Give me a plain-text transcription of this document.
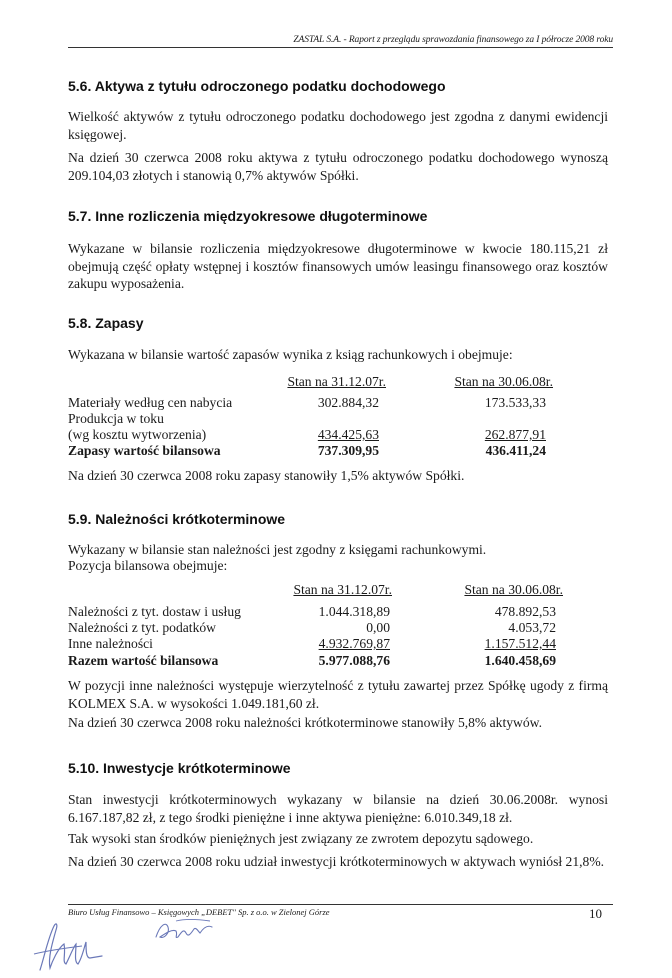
ZASTAL S.A. - Raport z przeglądu sprawozdania finansowego za I półrocze 2008 roku
5.6. Aktywa z tytułu odroczonego podatku dochodowego
Wielkość aktywów z tytułu odroczonego podatku dochodowego jest zgodna z danymi ewidencji księgowej.
Na dzień 30 czerwca 2008 roku aktywa z tytułu odroczonego podatku dochodowego wynoszą 209.104,03 złotych i stanowią 0,7% aktywów Spółki.
5.7. Inne rozliczenia międzyokresowe długoterminowe
Wykazane w bilansie rozliczenia międzyokresowe długoterminowe w kwocie 180.115,21 zł obejmują część opłaty wstępnej i kosztów finansowych umów leasingu finansowego oraz kosztów zakupu wyposażenia.
5.8. Zapasy
Wykazana w bilansie wartość zapasów wynika z ksiąg rachunkowych i obejmuje:
Stan na 31.12.07r.	Stan na 30.06.08r.
Materiały według cen nabycia	302.884,32	173.533,33
Produkcja w toku
(wg kosztu wytworzenia)	434.425,63	262.877,91
Zapasy wartość bilansowa	737.309,95	436.411,24
Na dzień 30 czerwca 2008 roku zapasy stanowiły 1,5% aktywów Spółki.
5.9. Należności krótkoterminowe
Wykazany w bilansie stan należności jest zgodny z księgami rachunkowymi.
Pozycja bilansowa obejmuje:
Stan na 31.12.07r.	Stan na 30.06.08r.
Należności z tyt. dostaw i usług	1.044.318,89	478.892,53
Należności z tyt. podatków	0,00	4.053,72
Inne należności	4.932.769,87	1.157.512,44
Razem wartość bilansowa	5.977.088,76	1.640.458,69
W pozycji inne należności występuje wierzytelność z tytułu zawartej przez Spółkę ugody z firmą KOLMEX S.A. w wysokości 1.049.181,60 zł.
Na dzień 30 czerwca 2008 roku należności krótkoterminowe stanowiły 5,8% aktywów.
5.10. Inwestycje krótkoterminowe
Stan inwestycji krótkoterminowych wykazany w bilansie na dzień 30.06.2008r. wynosi 6.167.187,82 zł, z tego środki pieniężne i inne aktywa pieniężne: 6.010.349,18 zł.
Tak wysoki stan środków pieniężnych jest związany ze zwrotem depozytu sądowego.
Na dzień 30 czerwca 2008 roku udział inwestycji krótkoterminowych w aktywach wyniósł 21,8%.
Biuro Usług Finansowo – Księgowych „DEBET" Sp. z o.o. w Zielonej Górze	10
